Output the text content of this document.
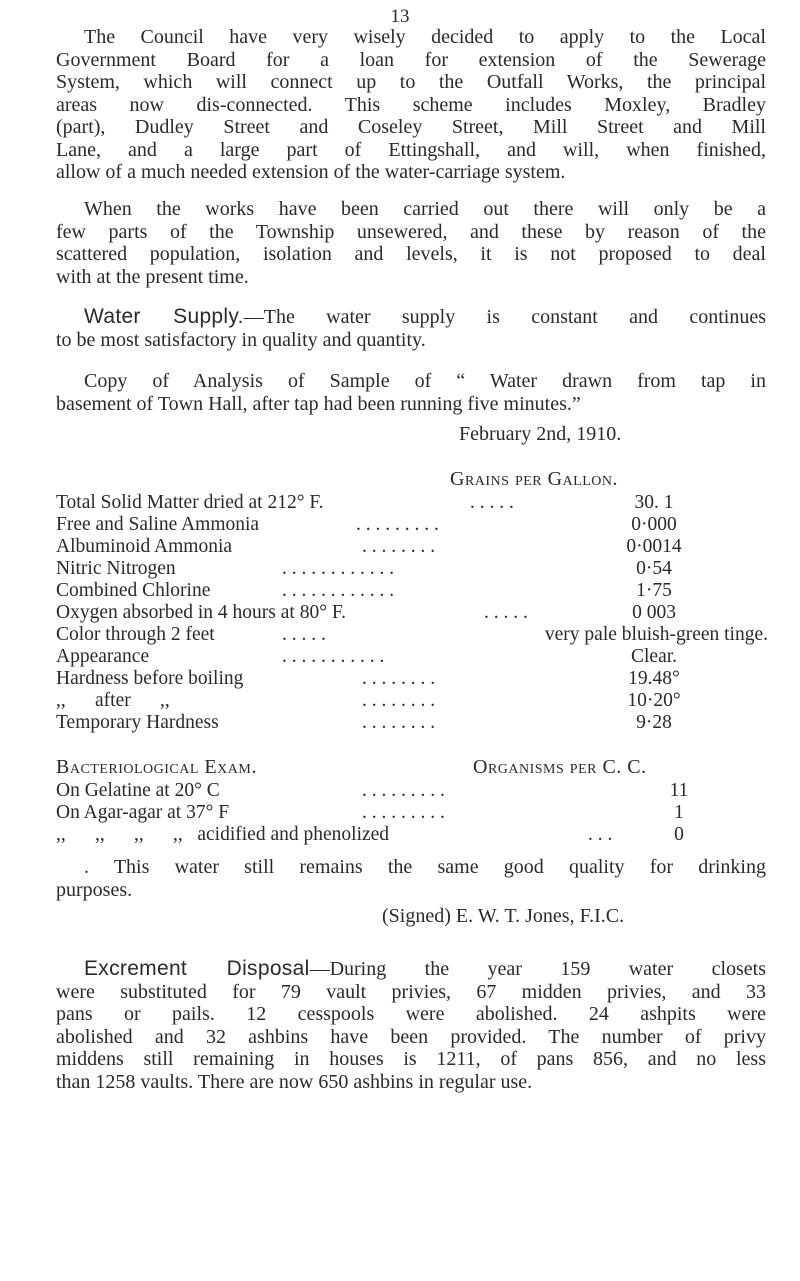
13
The Council have very wisely decided to apply to the Local
Government Board for a loan for extension of the Sewerage
System, which will connect up to the Outfall Works, the principal
areas now dis-connected. This scheme includes Moxley, Bradley
(part), Dudley Street and Coseley Street, Mill Street and Mill
Lane, and a large part of Ettingshall, and will, when finished,
allow of a much needed extension of the water-carriage system.
When the works have been carried out there will only be a
few parts of the Township unsewered, and these by reason of the
scattered population, isolation and levels, it is not proposed to deal
with at the present time.
Water Supply.—The water supply is constant and continues
to be most satisfactory in quality and quantity.
Copy of Analysis of Sample of “ Water drawn from tap in
basement of Town Hall, after tap had been running five minutes.”
February 2nd, 1910.
Grains per Gallon.
Total Solid Matter dried at 212° F.	. . . . .	30. 1
Free and Saline Ammonia	. . . . . . . . .	0·000
Albuminoid Ammonia	. . . . . . . .	0·0014
Nitric Nitrogen	. . . . . . . . . . . .	0·54
Combined Chlorine	. . . . . . . . . . . .	1·75
Oxygen absorbed in 4 hours at 80° F.	. . . . .	0 003
Color through 2 feet	. . . . .	very pale bluish-green tinge.
Appearance	. . . . . . . . . . .	Clear.
Hardness before boiling	. . . . . . . .	19.48°
,,      after      ,,	. . . . . . . .	10·20°
Temporary Hardness	. . . . . . . .	9·28
Bacteriological Exam.	Organisms per C. C.
On Gelatine at 20° C	. . . . . . . . .	11
On Agar-agar at 37° F	. . . . . . . . .	1
,,      ,,      ,,      ,,   acidified and phenolized	. . .	0
. This water still remains the same good quality for drinking
purposes.
(Signed) E. W. T. Jones, F.I.C.
Excrement Disposal—During the year 159 water closets
were substituted for 79 vault privies, 67 midden privies, and 33
pans or pails. 12 cesspools were abolished. 24 ashpits were
abolished and 32 ashbins have been provided. The number of privy
middens still remaining in houses is 1211, of pans 856, and no less
than 1258 vaults. There are now 650 ashbins in regular use.
